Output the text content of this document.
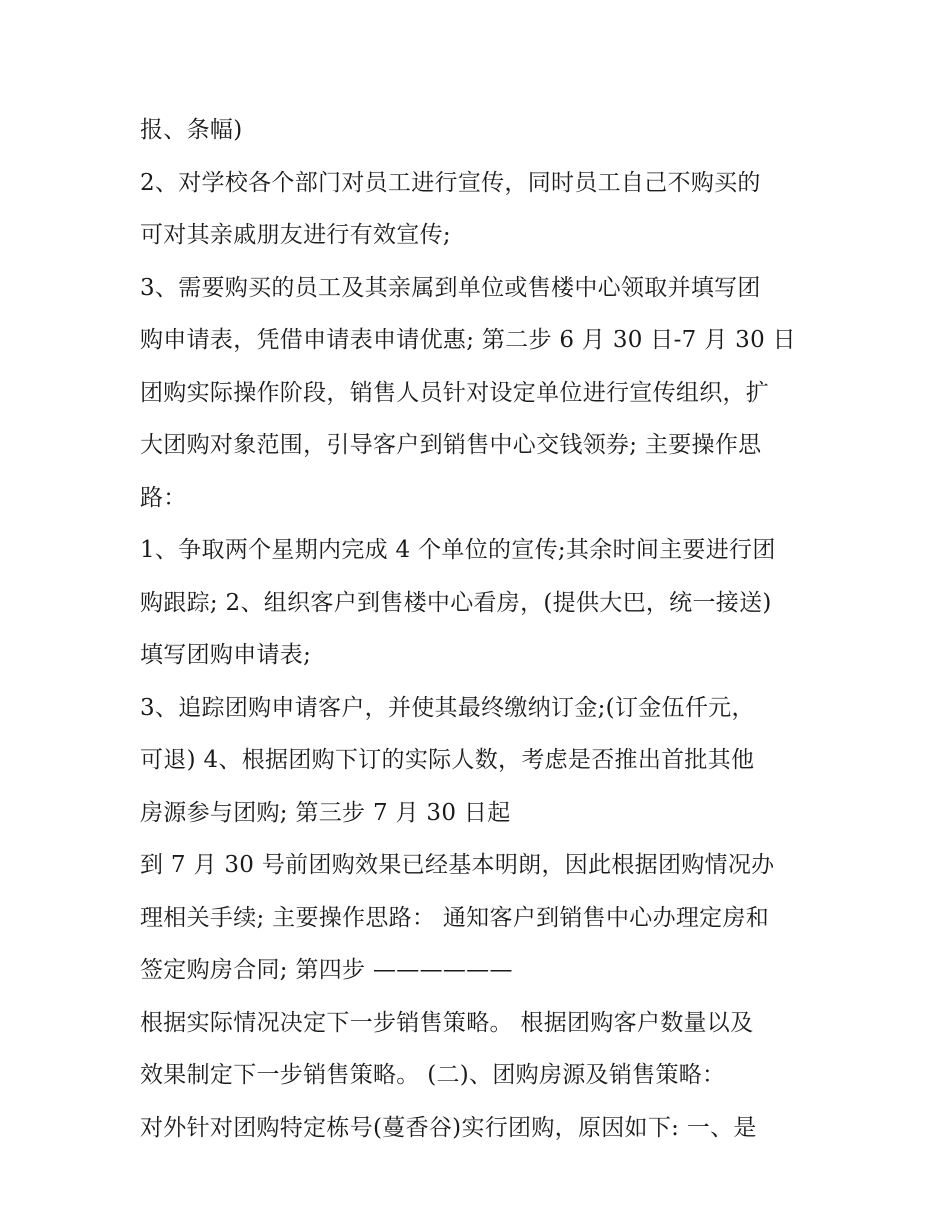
报、条幅)
2、对学校各个部门对员工进行宣传，同时员工自己不购买的
可对其亲戚朋友进行有效宣传;
3、需要购买的员工及其亲属到单位或售楼中心领取并填写团
购申请表，凭借申请表申请优惠; 第二步 6 月 30 日-7 月 30 日
团购实际操作阶段，销售人员针对设定单位进行宣传组织，扩
大团购对象范围，引导客户到销售中心交钱领券; 主要操作思
路：
1、争取两个星期内完成 4 个单位的宣传;其余时间主要进行团
购跟踪; 2、组织客户到售楼中心看房，(提供大巴，统一接送)
填写团购申请表;
3、追踪团购申请客户，并使其最终缴纳订金;(订金伍仟元，
可退) 4、根据团购下订的实际人数，考虑是否推出首批其他
房源参与团购; 第三步 7 月 30 日起
到 7 月 30 号前团购效果已经基本明朗，因此根据团购情况办
理相关手续; 主要操作思路： 通知客户到销售中心办理定房和
签定购房合同; 第四步 ——————
根据实际情况决定下一步销售策略。 根据团购客户数量以及
效果制定下一步销售策略。 (二)、团购房源及销售策略：
对外针对团购特定栋号(蔓香谷)实行团购，原因如下: 一、是
